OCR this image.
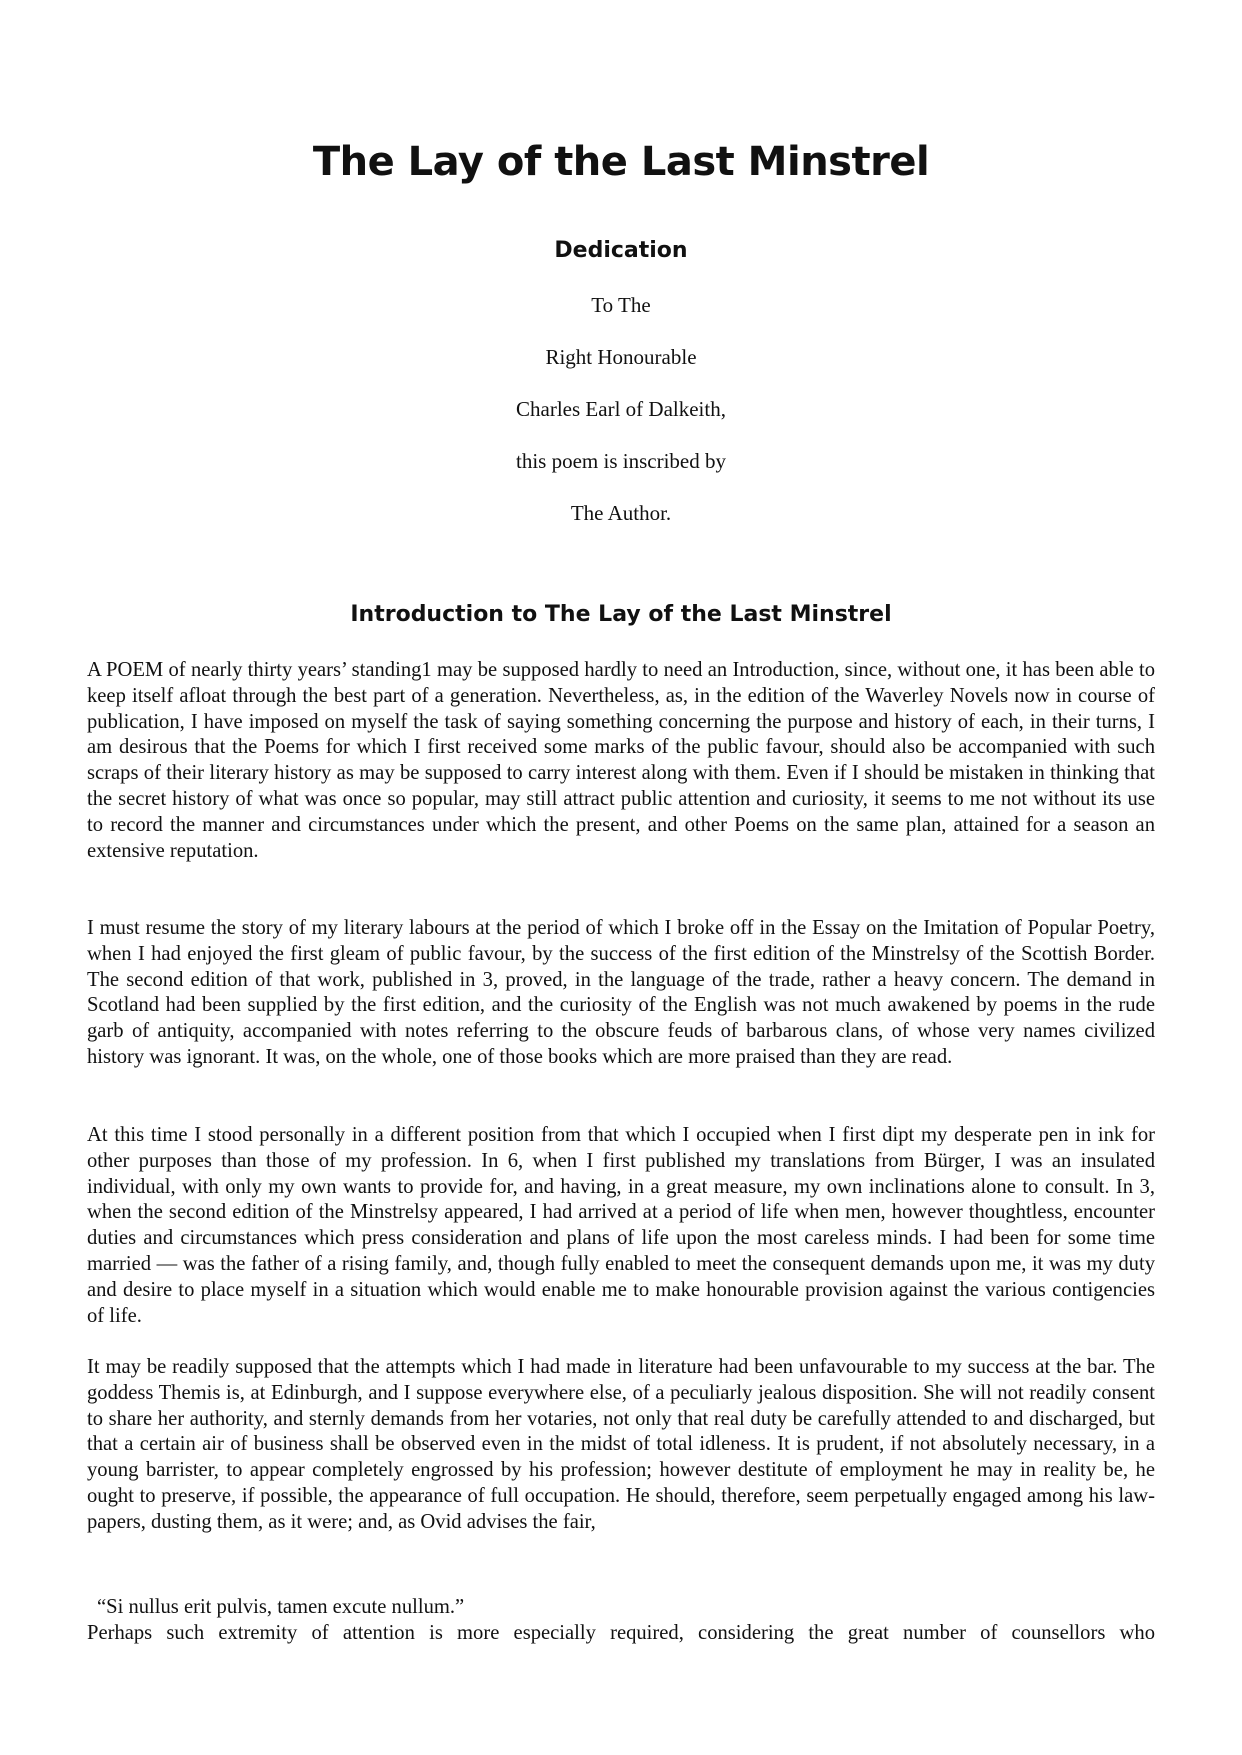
The Lay of the Last Minstrel
Dedication
To The
Right Honourable
Charles Earl of Dalkeith,
this poem is inscribed by
The Author.
Introduction to The Lay of the Last Minstrel

A POEM of nearly thirty years’ standing1 may be supposed hardly to need an Introduction, since, without one, it has been able to keep itself afloat through the best part of a generation. Nevertheless, as, in the edition of the Waverley Novels now in course of publication, I have imposed on myself the task of saying something concerning the purpose and history of each, in their turns, I am desirous that the Poems for which I first received some marks of the public favour, should also be accompanied with such scraps of their literary history as may be supposed to carry interest along with them. Even if I should be mistaken in thinking that the secret history of what was once so popular, may still attract public attention and curiosity, it seems to me not without its use to record the manner and circumstances under which the present, and other Poems on the same plan, attained for a season an extensive reputation.

I must resume the story of my literary labours at the period of which I broke off in the Essay on the Imitation of Popular Poetry, when I had enjoyed the first gleam of public favour, by the success of the first edition of the Minstrelsy of the Scottish Border. The second edition of that work, published in 3, proved, in the language of the trade, rather a heavy concern. The demand in Scotland had been supplied by the first edition, and the curiosity of the English was not much awakened by poems in the rude garb of antiquity, accompanied with notes referring to the obscure feuds of barbarous clans, of whose very names civilized history was ignorant. It was, on the whole, one of those books which are more praised than they are read.

At this time I stood personally in a different position from that which I occupied when I first dipt my desperate pen in ink for other purposes than those of my profession. In 6, when I first published my translations from Bürger, I was an insulated individual, with only my own wants to provide for, and having, in a great measure, my own inclinations alone to consult. In 3, when the second edition of the Minstrelsy appeared, I had arrived at a period of life when men, however thoughtless, encounter duties and circumstances which press consideration and plans of life upon the most careless minds. I had been for some time married — was the father of a rising family, and, though fully enabled to meet the consequent demands upon me, it was my duty and desire to place myself in a situation which would enable me to make honourable provision against the various contigencies of life.

It may be readily supposed that the attempts which I had made in literature had been unfavourable to my success at the bar. The goddess Themis is, at Edinburgh, and I suppose everywhere else, of a peculiarly jealous disposition. She will not readily consent to share her authority, and sternly demands from her votaries, not only that real duty be carefully attended to and discharged, but that a certain air of business shall be observed even in the midst of total idleness. It is prudent, if not absolutely necessary, in a young barrister, to appear completely engrossed by his profession; however destitute of employment he may in reality be, he ought to preserve, if possible, the appearance of full occupation. He should, therefore, seem perpetually engaged among his law-papers, dusting them, as it were; and, as Ovid advises the fair,

“Si nullus erit pulvis, tamen excute nullum.”

Perhaps such extremity of attention is more especially required, considering the great number of counsellors who
